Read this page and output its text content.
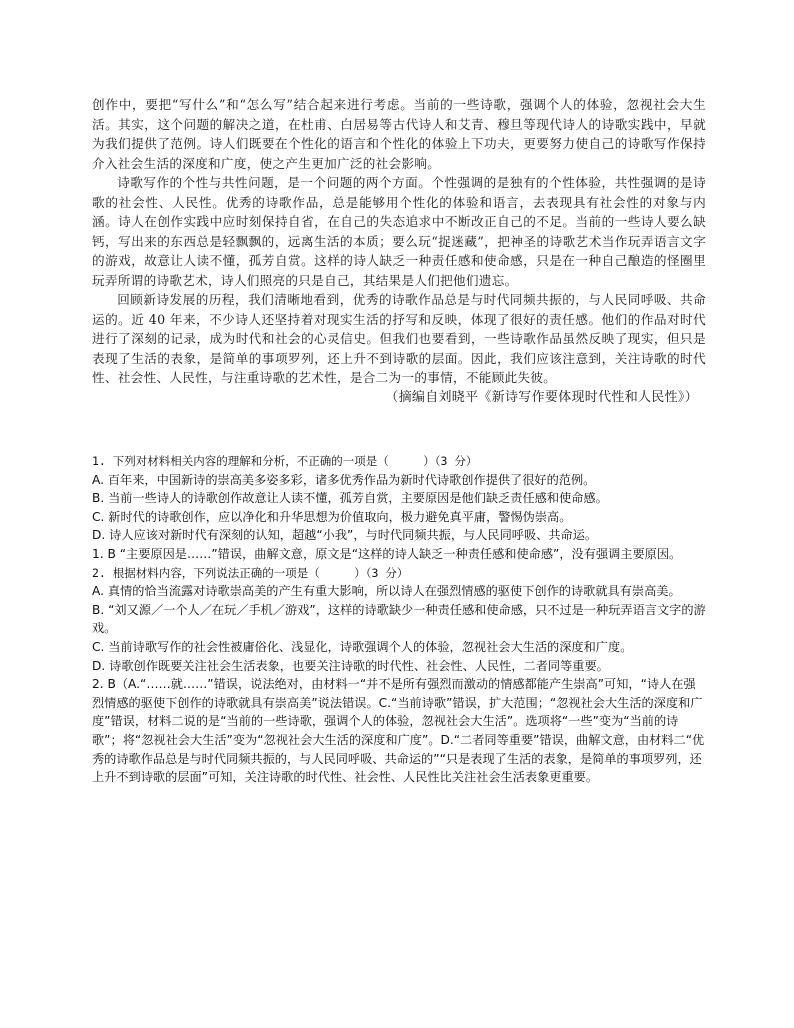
创作中，要把“写什么”和“怎么写”结合起来进行考虑。当前的一些诗歌，强调个人的体验，忽视社会大生活。其实，这个问题的解决之道，在杜甫、白居易等古代诗人和艾青、穆旦等现代诗人的诗歌实践中，早就为我们提供了范例。诗人们既要在个性化的语言和个性化的体验上下功夫，更要努力使自己的诗歌写作保持介入社会生活的深度和广度，使之产生更加广泛的社会影响。

诗歌写作的个性与共性问题，是一个问题的两个方面。个性强调的是独有的个性体验，共性强调的是诗歌的社会性、人民性。优秀的诗歌作品，总是能够用个性化的体验和语言，去表现具有社会性的对象与内涵。诗人在创作实践中应时刻保持自省，在自己的失态追求中不断改正自己的不足。当前的一些诗人要么缺钙，写出来的东西总是轻飘飘的，远离生活的本质；要么玩“捉迷藏”，把神圣的诗歌艺术当作玩弄语言文字的游戏，故意让人读不懂，孤芳自赏。这样的诗人缺乏一种责任感和使命感，只是在一种自己酿造的怪圈里玩弄所谓的诗歌艺术，诗人们照亮的只是自己，其结果是人们把他们遗忘。

回顾新诗发展的历程，我们清晰地看到，优秀的诗歌作品总是与时代同频共振的，与人民同呼吸、共命运的。近 40 年来，不少诗人还坚持着对现实生活的抒写和反映，体现了很好的责任感。他们的作品对时代进行了深刻的记录，成为时代和社会的心灵信史。但我们也要看到，一些诗歌作品虽然反映了现实，但只是表现了生活的表象，是简单的事项罗列，还上升不到诗歌的层面。因此，我们应该注意到，关注诗歌的时代性、社会性、人民性，与注重诗歌的艺术性，是合二为一的事情，不能顾此失彼。

（摘编自刘晓平《新诗写作要体现时代性和人民性》）

1. 下列对材料相关内容的理解和分析，不正确的一项是（　　　）（3 分）

A. 百年来，中国新诗的崇高美多姿多彩，诸多优秀作品为新时代诗歌创作提供了很好的范例。

B. 当前一些诗人的诗歌创作故意让人读不懂，孤芳自赏，主要原因是他们缺乏责任感和使命感。

C. 新时代的诗歌创作，应以净化和升华思想为价值取向，极力避免真平庸，警惕伪崇高。

D. 诗人应该对新时代有深刻的认知，超越“小我”，与时代同频共振，与人民同呼吸、共命运。

1. B “主要原因是……”错误，曲解文意，原文是“这样的诗人缺乏一种责任感和使命感”，没有强调主要原因。

2. 根据材料内容，下列说法正确的一项是（　　　）（3 分）

A. 真情的恰当流露对诗歌崇高美的产生有重大影响，所以诗人在强烈情感的驱使下创作的诗歌就具有崇高美。

B. “刘又源／一个人／在玩／手机／游戏”，这样的诗歌缺少一种责任感和使命感，只不过是一种玩弄语言文字的游戏。

C. 当前诗歌写作的社会性被庸俗化、浅显化，诗歌强调个人的体验，忽视社会大生活的深度和广度。

D. 诗歌创作既要关注社会生活表象，也要关注诗歌的时代性、社会性、人民性，二者同等重要。

2. B（A.“……就……”错误，说法绝对，由材料一“并不是所有强烈而激动的情感都能产生崇高”可知，“诗人在强烈情感的驱使下创作的诗歌就具有崇高美”说法错误。C.“当前诗歌”错误，扩大范围；“忽视社会大生活的深度和广度”错误，材料二说的是“当前的一些诗歌，强调个人的体验，忽视社会大生活”。选项将“一些”变为“当前的诗歌”；将“忽视社会大生活”变为“忽视社会大生活的深度和广度”。D.“二者同等重要”错误，曲解文意，由材料二“优秀的诗歌作品总是与时代同频共振的，与人民同呼吸、共命运的”“只是表现了生活的表象，是简单的事项罗列，还上升不到诗歌的层面”可知，关注诗歌的时代性、社会性、人民性比关注社会生活表象更重要。
